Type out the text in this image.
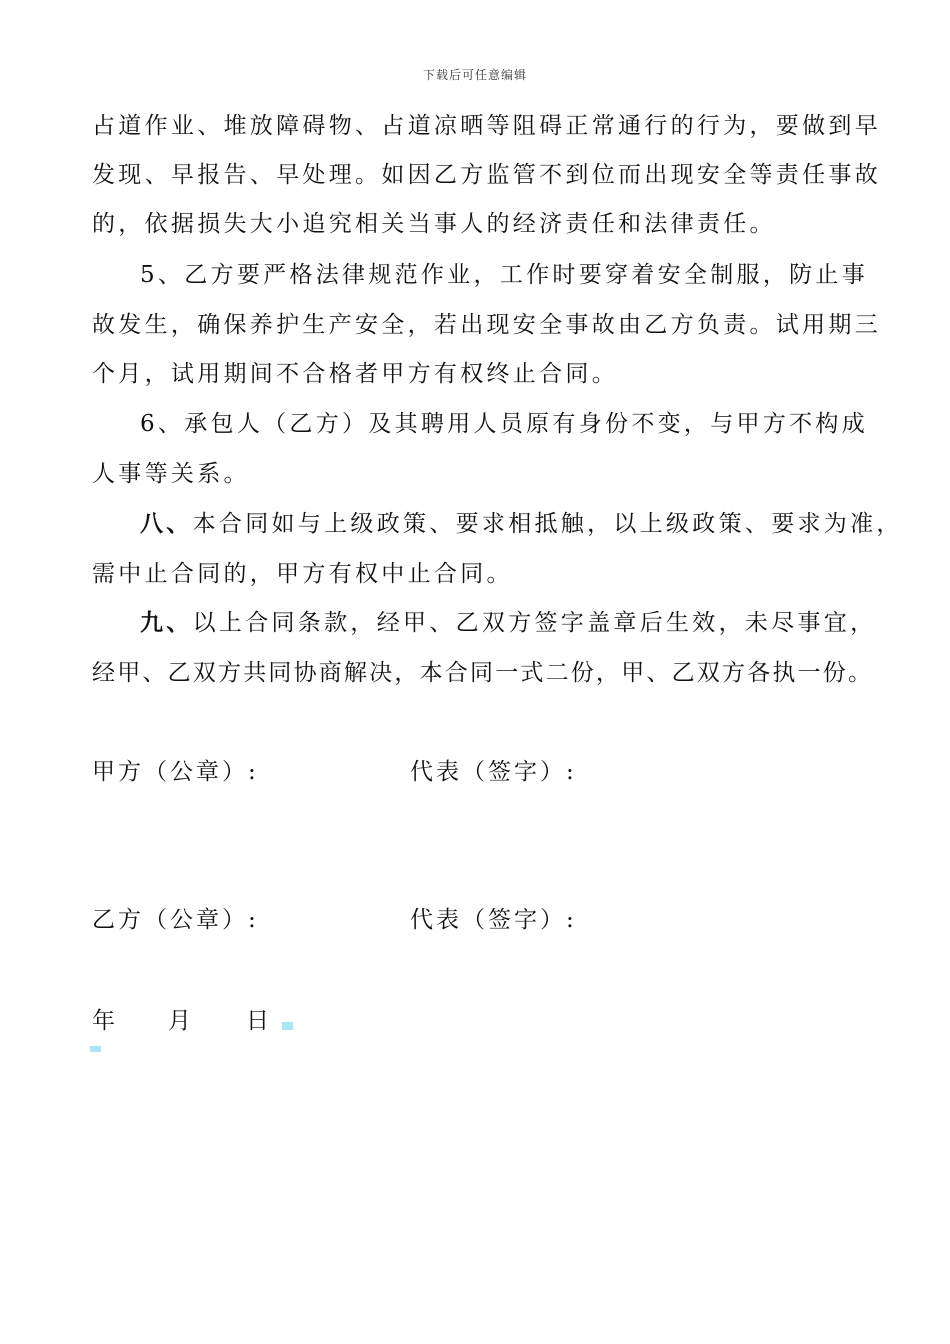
下载后可任意编辑
占道作业、堆放障碍物、占道凉晒等阻碍正常通行的行为，要做到早
发现、早报告、早处理。如因乙方监管不到位而出现安全等责任事故
的，依据损失大小追究相关当事人的经济责任和法律责任。
5、乙方要严格法律规范作业，工作时要穿着安全制服，防止事
故发生，确保养护生产安全，若出现安全事故由乙方负责。试用期三
个月，试用期间不合格者甲方有权终止合同。
6、承包人（乙方）及其聘用人员原有身份不变，与甲方不构成
人事等关系。
八、本合同如与上级政策、要求相抵触，以上级政策、要求为准，
需中止合同的，甲方有权中止合同。
九、以上合同条款，经甲、乙双方签字盖章后生效，未尽事宜，
经甲、乙双方共同协商解决，本合同一式二份，甲、乙双方各执一份。
甲方（公章）:	代表（签字）:
乙方（公章）:	代表（签字）:
年 月 日
